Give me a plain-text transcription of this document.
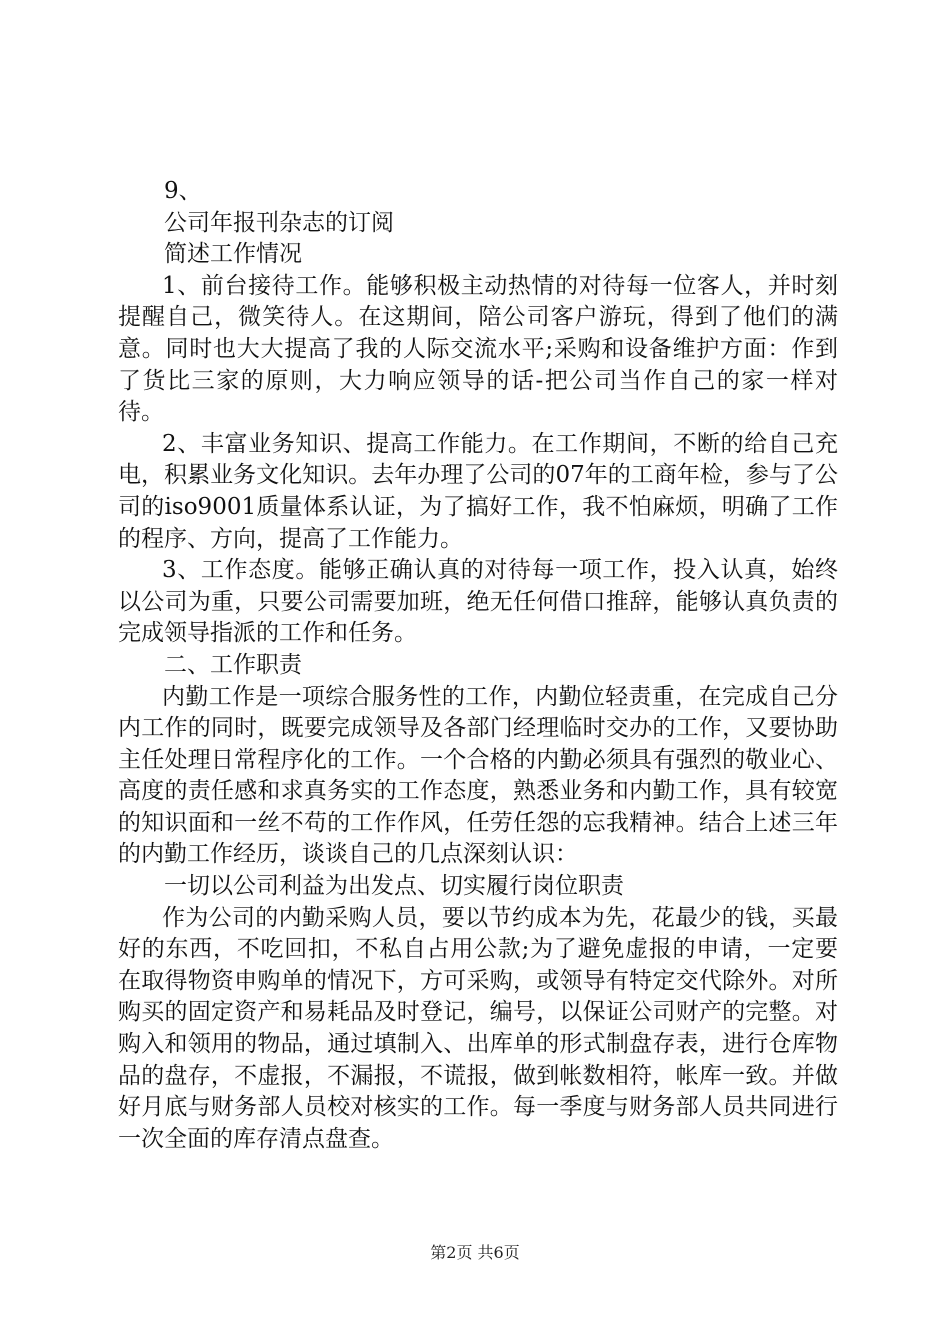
9、

公司年报刊杂志的订阅

简述工作情况

1、前台接待工作。能够积极主动热情的对待每一位客人，并时刻提醒自己，微笑待人。在这期间，陪公司客户游玩，得到了他们的满意。同时也大大提高了我的人际交流水平;采购和设备维护方面：作到了货比三家的原则，大力响应领导的话-把公司当作自己的家一样对待。

2、丰富业务知识、提高工作能力。在工作期间，不断的给自己充电，积累业务文化知识。去年办理了公司的07年的工商年检，参与了公司的iso9001质量体系认证，为了搞好工作，我不怕麻烦，明确了工作的程序、方向，提高了工作能力。

3、工作态度。能够正确认真的对待每一项工作，投入认真，始终以公司为重，只要公司需要加班，绝无任何借口推辞，能够认真负责的完成领导指派的工作和任务。

二、工作职责

内勤工作是一项综合服务性的工作，内勤位轻责重，在完成自己分内工作的同时，既要完成领导及各部门经理临时交办的工作，又要协助主任处理日常程序化的工作。一个合格的内勤必须具有强烈的敬业心、高度的责任感和求真务实的工作态度，熟悉业务和内勤工作，具有较宽的知识面和一丝不苟的工作作风，任劳任怨的忘我精神。结合上述三年的内勤工作经历，谈谈自己的几点深刻认识：

一切以公司利益为出发点、切实履行岗位职责

作为公司的内勤采购人员，要以节约成本为先，花最少的钱，买最好的东西，不吃回扣，不私自占用公款;为了避免虚报的申请，一定要在取得物资申购单的情况下，方可采购，或领导有特定交代除外。对所购买的固定资产和易耗品及时登记，编号，以保证公司财产的完整。对购入和领用的物品，通过填制入、出库单的形式制盘存表，进行仓库物品的盘存，不虚报，不漏报，不谎报，做到帐数相符，帐库一致。并做好月底与财务部人员校对核实的工作。每一季度与财务部人员共同进行一次全面的库存清点盘查。

第2页 共6页
